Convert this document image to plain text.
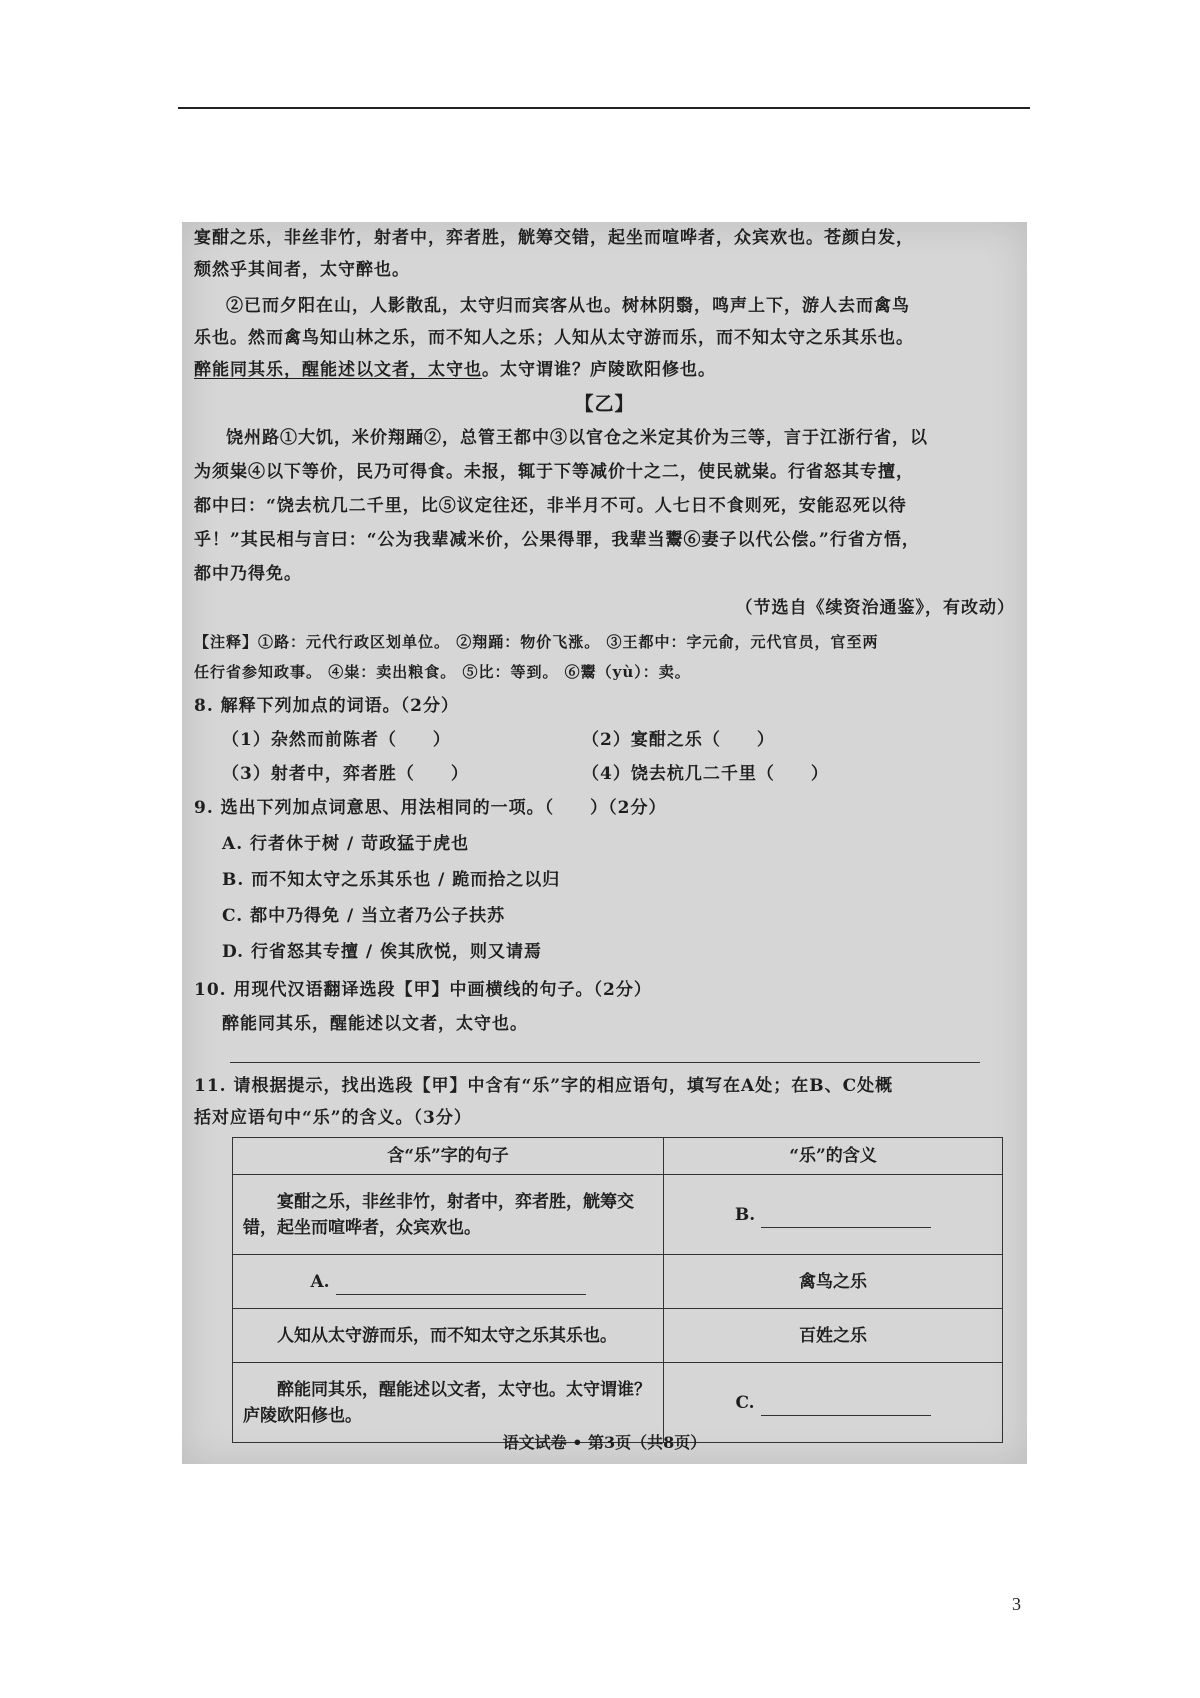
宴酣之乐，非丝非竹，射者中，弈者胜，觥筹交错，起坐而喧哗者，众宾欢也。苍颜白发，

颓然乎其间者，太守醉也。

②已而夕阳在山，人影散乱，太守归而宾客从也。树林阴翳，鸣声上下，游人去而禽鸟

乐也。然而禽鸟知山林之乐，而不知人之乐；人知从太守游而乐，而不知太守之乐其乐也。

醉能同其乐，醒能述以文者，太守也。太守谓谁？庐陵欧阳修也。

【乙】

饶州路①大饥，米价翔踊②，总管王都中③以官仓之米定其价为三等，言于江浙行省，以

为须粜④以下等价，民乃可得食。未报，辄于下等减价十之二，使民就粜。行省怒其专擅，

都中曰：“饶去杭几二千里，比⑤议定往还，非半月不可。人七日不食则死，安能忍死以待

乎！”其民相与言曰：“公为我辈减米价，公果得罪，我辈当鬻⑥妻子以代公偿。”行省方悟，

都中乃得免。

（节选自《续资治通鉴》，有改动）

【注释】①路：元代行政区划单位。 ②翔踊：物价飞涨。 ③王都中：字元俞，元代官员，官至两

任行省参知政事。 ④粜：卖出粮食。 ⑤比：等到。 ⑥鬻（yù）：卖。

8. 解释下列加点的词语。（2分）

（1）杂然而前陈者（　　）	（2）宴酣之乐（　　）

（3）射者中，弈者胜（　　）	（4）饶去杭几二千里（　　）

9. 选出下列加点词意思、用法相同的一项。（　　）（2分）

A. 行者休于树 / 苛政猛于虎也

B. 而不知太守之乐其乐也 / 跪而拾之以归

C. 都中乃得免 / 当立者乃公子扶苏

D. 行省怒其专擅 / 俟其欣悦，则又请焉

10. 用现代汉语翻译选段【甲】中画横线的句子。（2分）

醉能同其乐，醒能述以文者，太守也。

11. 请根据提示，找出选段【甲】中含有“乐”字的相应语句，填写在A处；在B、C处概

括对应语句中“乐”的含义。（3分）

含“乐”字的句子	“乐”的含义
宴酣之乐，非丝非竹，射者中，弈者胜，觥筹交错，起坐而喧哗者，众宾欢也。	B.
A.	禽鸟之乐
人知从太守游而乐，而不知太守之乐其乐也。	百姓之乐
醉能同其乐，醒能述以文者，太守也。太守谓谁？庐陵欧阳修也。	C.

语文试卷 • 第3页（共8页）

3
